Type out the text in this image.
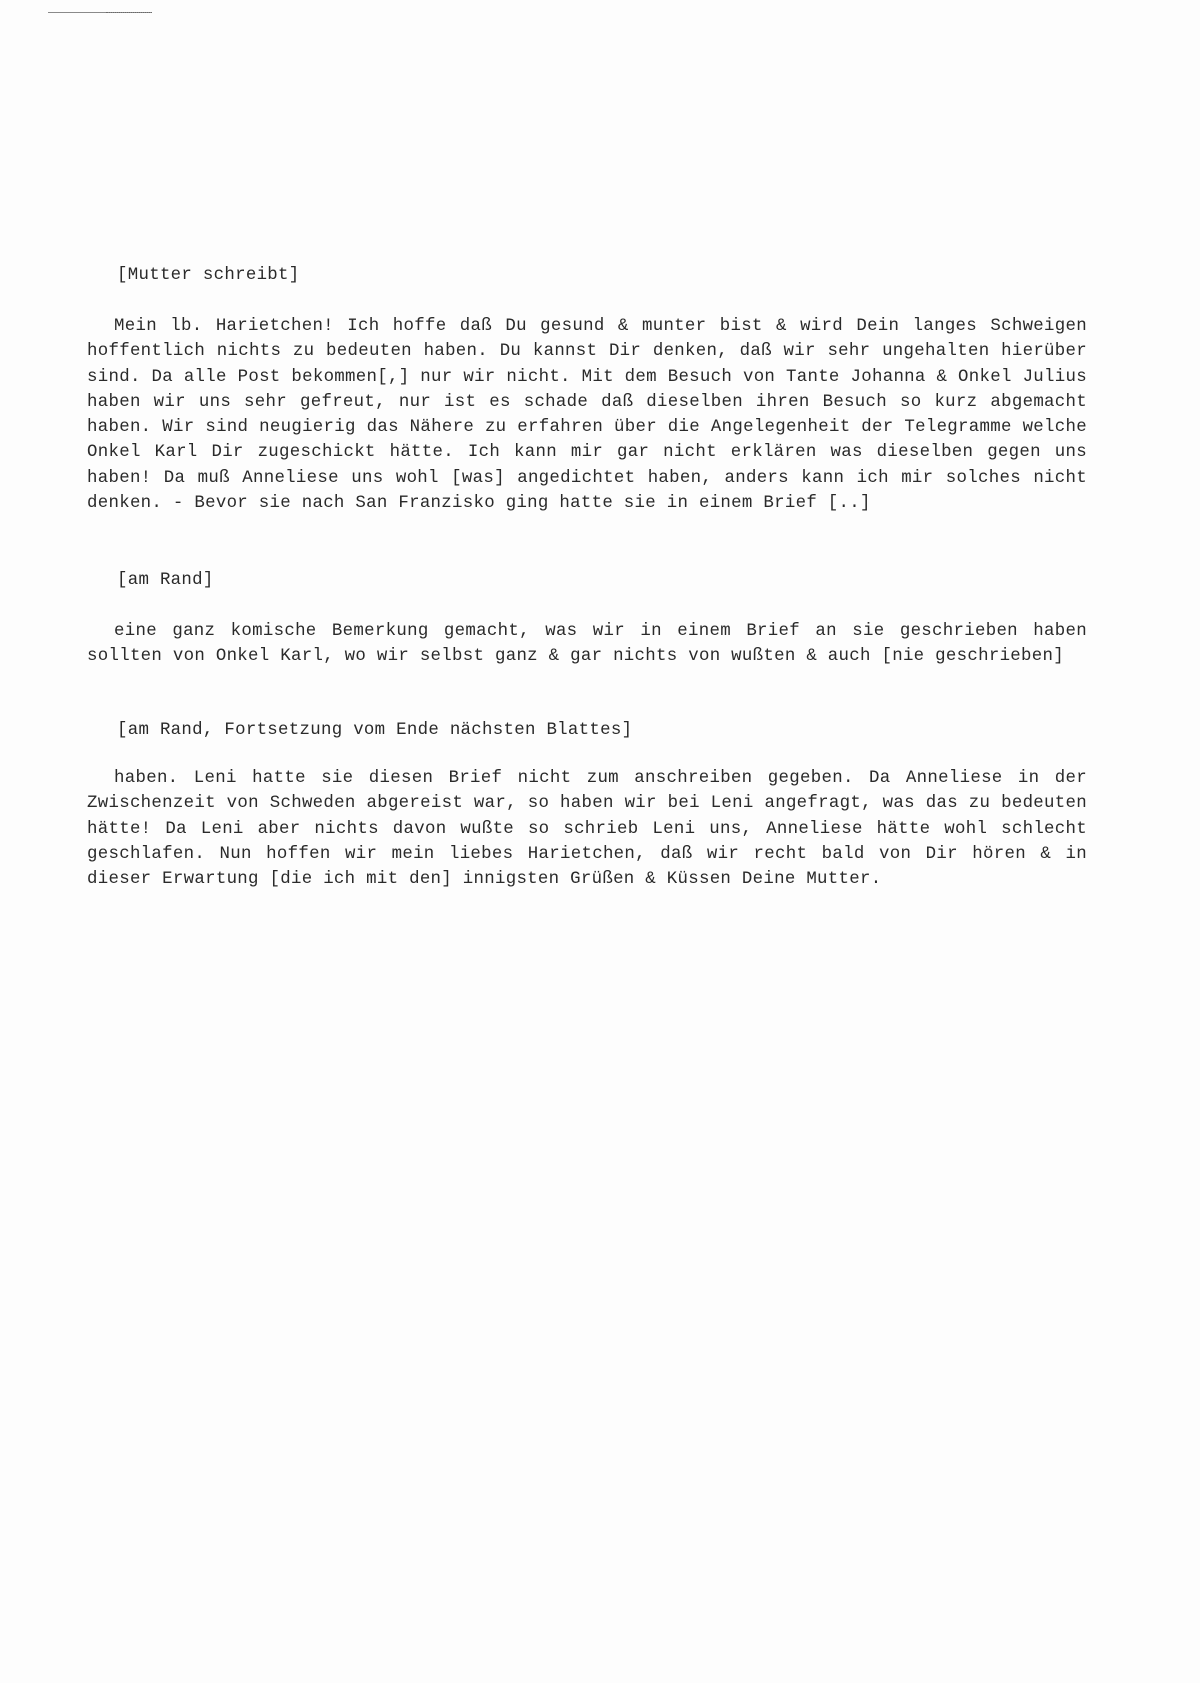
[Mutter schreibt]

Mein lb. Harietchen! Ich hoffe daß Du gesund & munter bist & wird Dein langes Schweigen hoffentlich nichts zu bedeuten haben. Du kannst Dir denken, daß wir sehr ungehalten hierüber sind. Da alle Post bekommen[,] nur wir nicht. Mit dem Besuch von Tante Johanna & Onkel Julius haben wir uns sehr gefreut, nur ist es schade daß dieselben ihren Besuch so kurz abgemacht haben. Wir sind neugierig das Nähere zu erfahren über die Angelegenheit der Telegramme welche Onkel Karl Dir zugeschickt hätte. Ich kann mir gar nicht erklären was dieselben gegen uns haben! Da muß Anneliese uns wohl [was] angedichtet haben, anders kann ich mir solches nicht denken. - Bevor sie nach San Franzisko ging hatte sie in einem Brief [..]

[am Rand]

eine ganz komische Bemerkung gemacht, was wir in einem Brief an sie geschrieben haben sollten von Onkel Karl, wo wir selbst ganz & gar nichts von wußten & auch [nie geschrieben]

[am Rand, Fortsetzung vom Ende nächsten Blattes]

haben. Leni hatte sie diesen Brief nicht zum anschreiben gegeben. Da Anneliese in der Zwischenzeit von Schweden abgereist war, so haben wir bei Leni angefragt, was das zu bedeuten hätte! Da Leni aber nichts davon wußte so schrieb Leni uns, Anneliese hätte wohl schlecht geschlafen. Nun hoffen wir mein liebes Harietchen, daß wir recht bald von Dir hören & in dieser Erwartung [die ich mit den] innigsten Grüßen & Küssen Deine Mutter.
